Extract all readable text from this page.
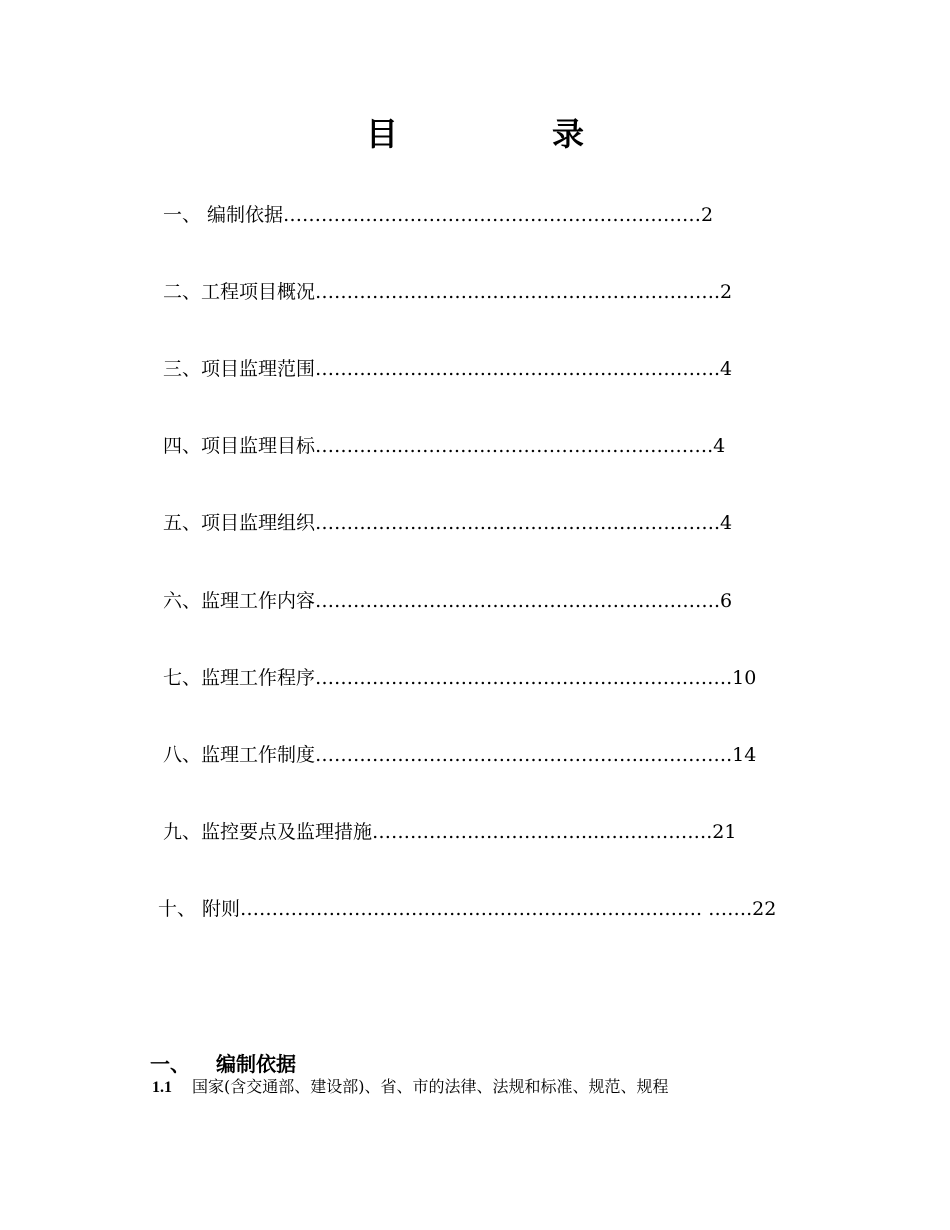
目	录
一、 编制依据…………………………………………………………2
二、工程项目概况……………………………………………………….2
三、项目监理范围……………………………………………………….4
四、项目监理目标…………..………………………………………….4
五、项目监理组织……………………………………………………….4
六、监理工作内容……………………………………………………….6
七、监理工作程序…………………………………………..…………….10
八、监理工作制度……………………………………………..………….14
九、监控要点及监理措施……………………………....….………….21
十、 附则………………………………………………………………. …….22
一、 编制依据
1.1 国家(含交通部、建设部)、省、市的法律、法规和标准、规范、规程
